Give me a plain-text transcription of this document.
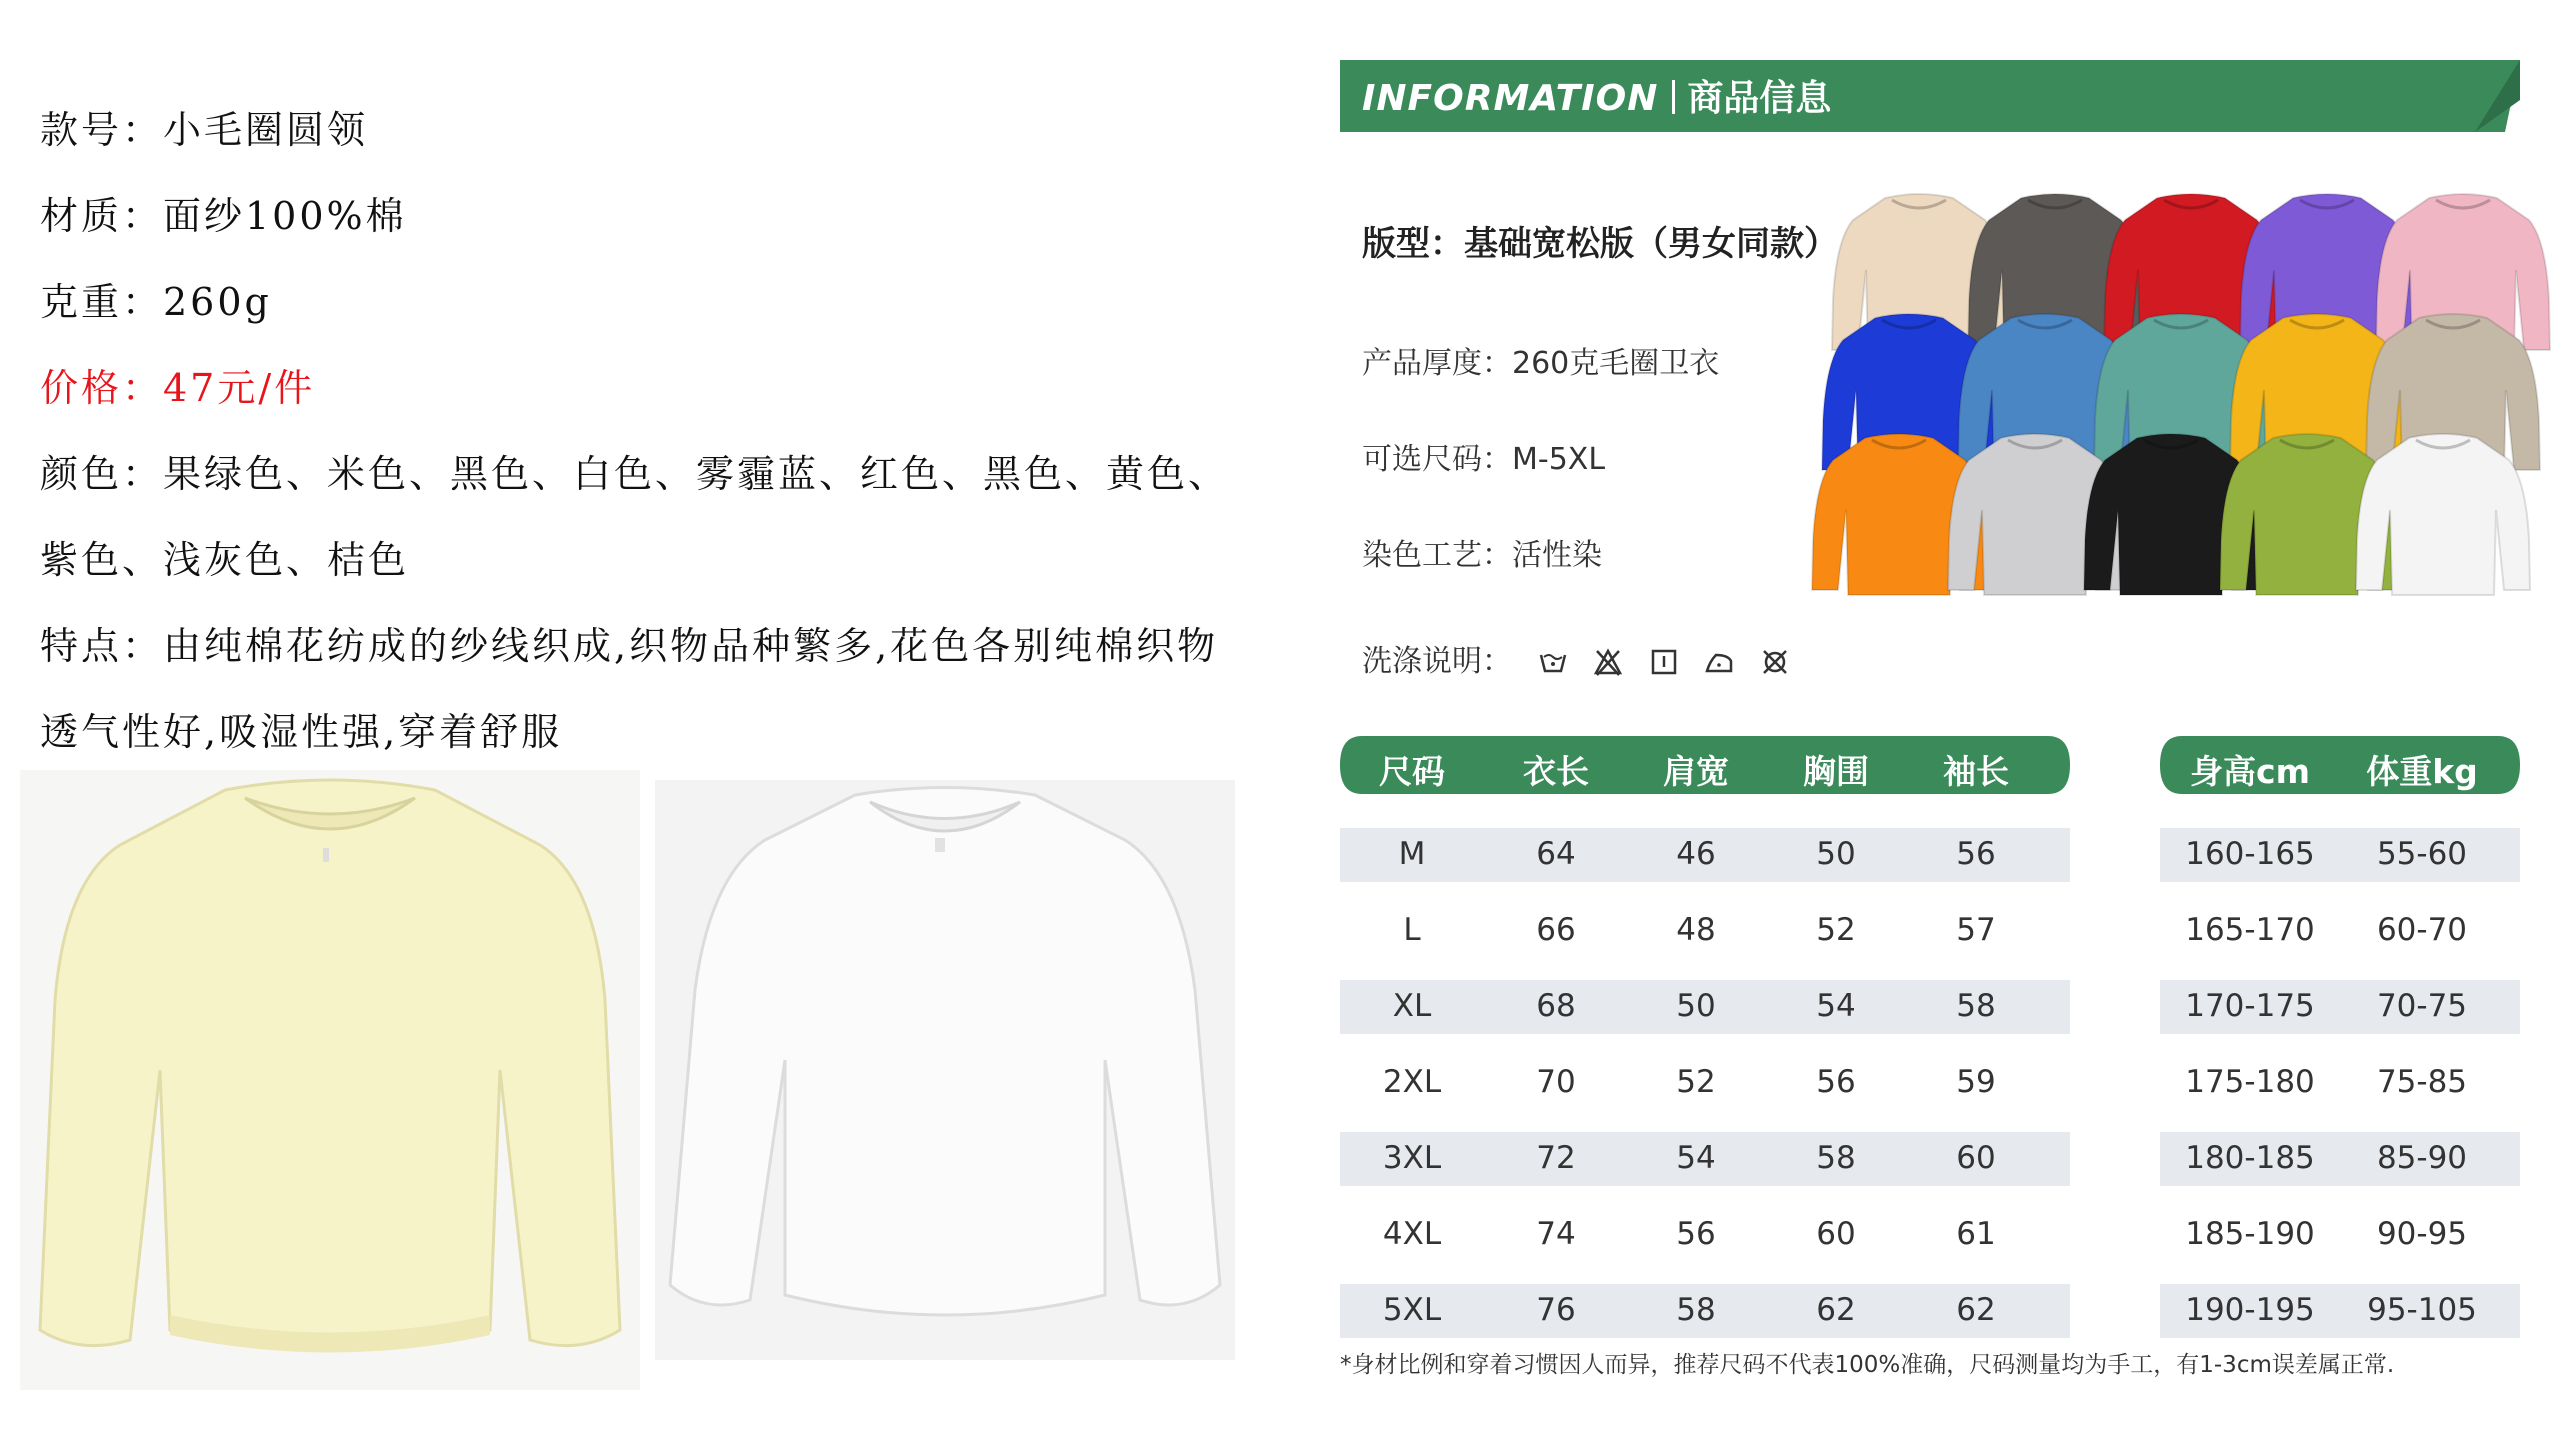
款号：小毛圈圆领
材质：面纱100%棉
克重：260g
价格：47元/件
颜色：果绿色、米色、黑色、白色、雾霾蓝、红色、黑色、黄色、
紫色、浅灰色、桔色
特点：由纯棉花纺成的纱线织成,织物品种繁多,花色各别纯棉织物
透气性好,吸湿性强,穿着舒服
INFORMATION 商品信息
版型：基础宽松版（男女同款）
产品厚度：260克毛圈卫衣
可选尺码：M-5XL
染色工艺：活性染
洗涤说明：
尺码	衣长	肩宽	胸围	袖长
M	64	46	50	56
L	66	48	52	57
XL	68	50	54	58
2XL	70	52	56	59
3XL	72	54	58	60
4XL	74	56	60	61
5XL	76	58	62	62
身高cm	体重kg
160-165	55-60
165-170	60-70
170-175	70-75
175-180	75-85
180-185	85-90
185-190	90-95
190-195	95-105
*身材比例和穿着习惯因人而异，推荐尺码不代表100%准确，尺码测量均为手工，有1-3cm误差属正常.
